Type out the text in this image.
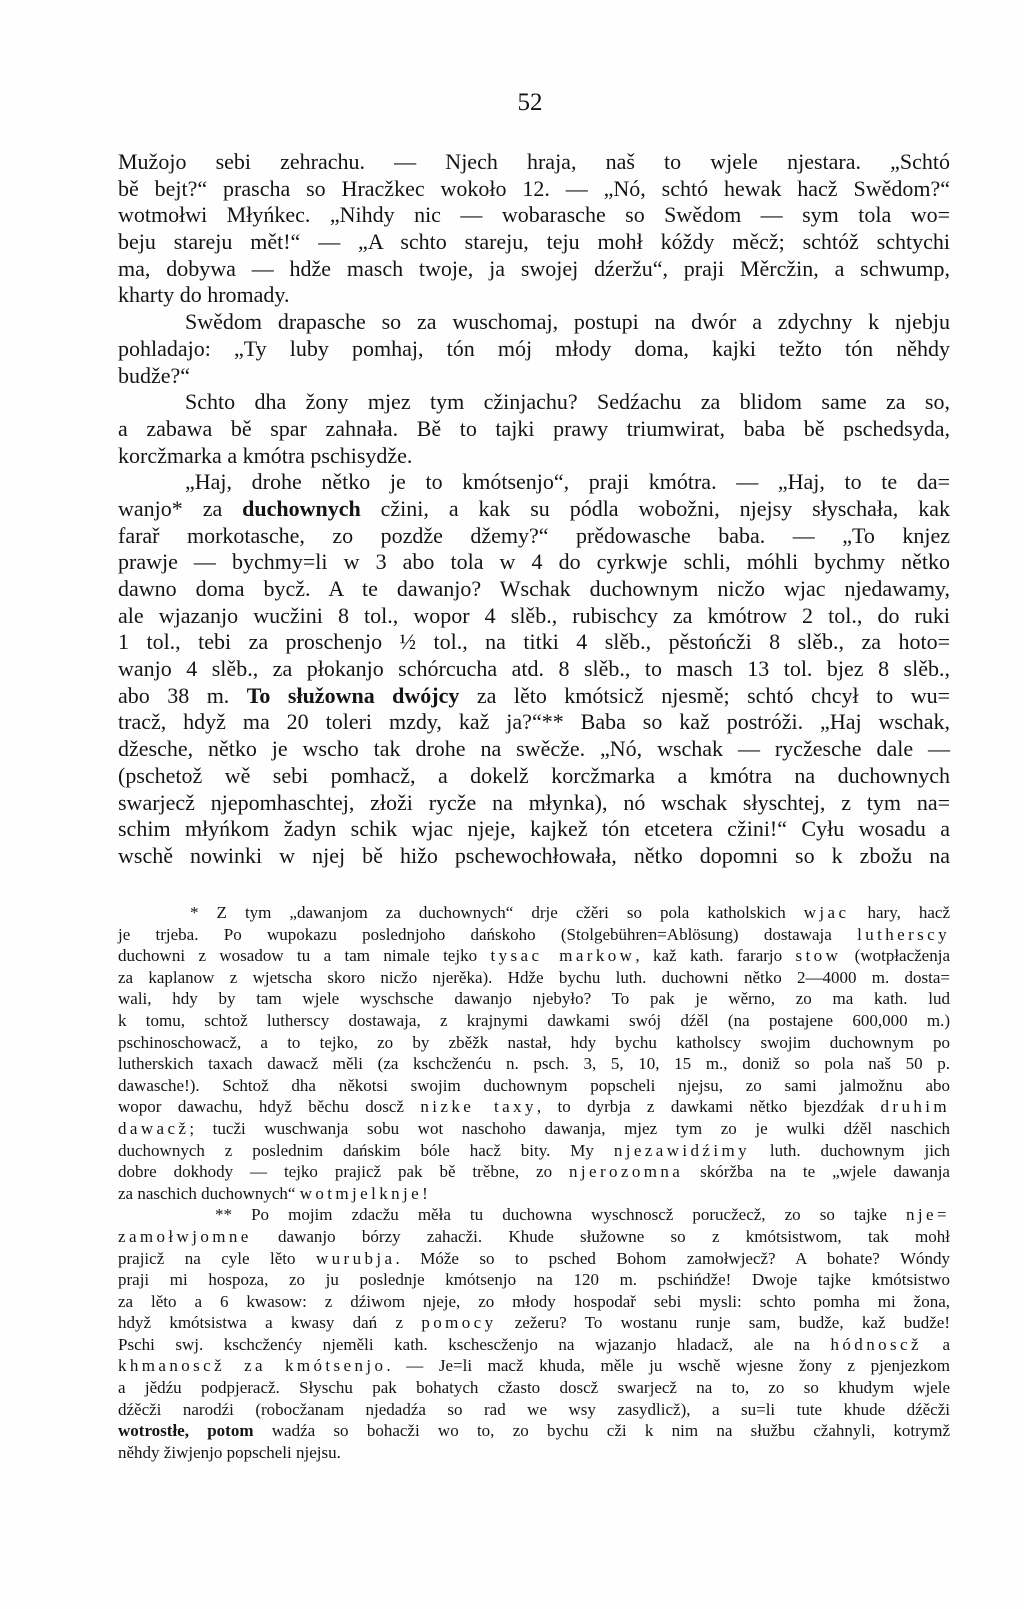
52
Mužojo sebi zehrachu. — Njech hraja, naš to wjele njestara. „Schtó
bě bejt?“ prascha so Hracžkec wokoło 12. — „Nó, schtó hewak hacž Swědom?“
wotmołwi Młyńkec. „Nihdy nic — wobarasche so Swědom — sym tola wo=
beju stareju mět!“ — „A schto stareju, teju mohł kóždy měcž; schtóž schtychi
ma, dobywa — hdže masch twoje, ja swojej dźeržu“, praji Měrcžin, a schwump,
kharty do hromady.
Swědom drapasche so za wuschomaj, postupi na dwór a zdychny k njebju
pohladajo: „Ty luby pomhaj, tón mój młody doma, kajki težto tón něhdy
budže?“
Schto dha žony mjez tym cžinjachu? Sedźachu za blidom same za so,
a zabawa bě spar zahnała. Bě to tajki prawy triumwirat, baba bě pschedsyda,
korcžmarka a kmótra pschisydže.
„Haj, drohe nětko je to kmótsenjo“, praji kmótra. — „Haj, to te da=
wanjo* za duchownych cžini, a kak su pódla wobožni, njejsy słyschała, kak
farař morkotasche, zo pozdže džemy?“ prědowasche baba. — „To knjez
prawje — bychmy=li w 3 abo tola w 4 do cyrkwje schli, móhli bychmy nětko
dawno doma bycž. A te dawanjo? Wschak duchownym nicžo wjac njedawamy,
ale wjazanjo wucžini 8 tol., wopor 4 slěb., rubischcy za kmótrow 2 tol., do ruki
1 tol., tebi za proschenjo ½ tol., na titki 4 slěb., pěstońcži 8 slěb., za hoto=
wanjo 4 slěb., za płokanjo schórcucha atd. 8 slěb., to masch 13 tol. bjez 8 slěb.,
abo 38 m. To słužowna dwójcy za lěto kmótsicž njesmě; schtó chcył to wu=
tracž, hdyž ma 20 toleri mzdy, kaž ja?“** Baba so kaž postróži. „Haj wschak,
džesche, nětko je wscho tak drohe na swěcže. „Nó, wschak — rycžesche dale —
(pschetož wě sebi pomhacž, a dokelž korcžmarka a kmótra na duchownych
swarjecž njepomhaschtej, złoži rycže na młynka), nó wschak słyschtej, z tym na=
schim młyńkom žadyn schik wjac njeje, kajkež tón etcetera cžini!“ Cyłu wosadu a
wschě nowinki w njej bě hižo pschewochłowała, nětko dopomni so k zbožu na
* Z tym „dawanjom za duchownych“ drje cžěri so pola katholskich wjac hary, hacž
je trjeba. Po wupokazu poslednjoho dańskoho (Stolgebühren=Ablösung) dostawaja lutherscy
duchowni z wosadow tu a tam nimale tejko tysac markow, kaž kath. fararjo stow (wotpłacženja
za kaplanow z wjetscha skoro nicžo njerěka). Hdže bychu luth. duchowni nětko 2—4000 m. dosta=
wali, hdy by tam wjele wyschsche dawanjo njebyło? To pak je wěrno, zo ma kath. lud
k tomu, schtož lutherscy dostawaja, z krajnymi dawkami swój dźěl (na postajene 600,000 m.)
pschinoschowacž, a to tejko, zo by zběžk nastał, hdy bychu katholscy swojim duchownym po
lutherskich taxach dawacž měli (za kschcženću n. psch. 3, 5, 10, 15 m., doniž so pola naš 50 p.
dawasche!). Schtož dha někotsi swojim duchownym popscheli njejsu, zo sami jalmožnu abo
wopor dawachu, hdyž běchu doscž nizke taxy, to dyrbja z dawkami nětko bjezdźak druhim
dawacž; tucži wuschwanja sobu wot naschoho dawanja, mjez tym zo je wulki dźěl naschich
duchownych z poslednim dańskim bóle hacž bity. My njezawidźimy luth. duchownym jich
dobre dokhody — tejko prajicž pak bě trěbne, zo njerozomna skóržba na te „wjele dawanja
za naschich duchownych“ wotmjelknje!
** Po mojim zdacžu měła tu duchowna wyschnoscž porucžecž, zo so tajke nje=
zamołwjomne dawanjo bórzy zahacži. Khude słužowne so z kmótsistwom, tak mohł
prajicž na cyle lěto wurubja. Móže so to psched Bohom zamołwjecž? A bohate? Wóndy
praji mi hospoza, zo ju poslednje kmótsenjo na 120 m. pschińdže! Dwoje tajke kmótsistwo
za lěto a 6 kwasow: z dźiwom njeje, zo młody hospodař sebi mysli: schto pomha mi žona,
hdyž kmótsistwa a kwasy dań z pomocy zežeru? To wostanu runje sam, budže, kaž budže!
Pschi swj. kschcženćy njeměli kath. kschescženjo na wjazanjo hladacž, ale na hódnoscž a
khmanoscž za kmótsenjo. — Je=li macž khuda, měle ju wschě wjesne žony z pjenjezkom
a jědźu podpjeracž. Słyschu pak bohatych cžasto doscž swarjecž na to, zo so khudym wjele
dźěcži narodźi (robocžanam njedadźa so rad we wsy zasydlicž), a su=li tute khude dźěcži
wotrostłe, potom wadźa so bohacži wo to, zo bychu cži k nim na słužbu cžahnyli, kotrymž
něhdy žiwjenjo popscheli njejsu.
